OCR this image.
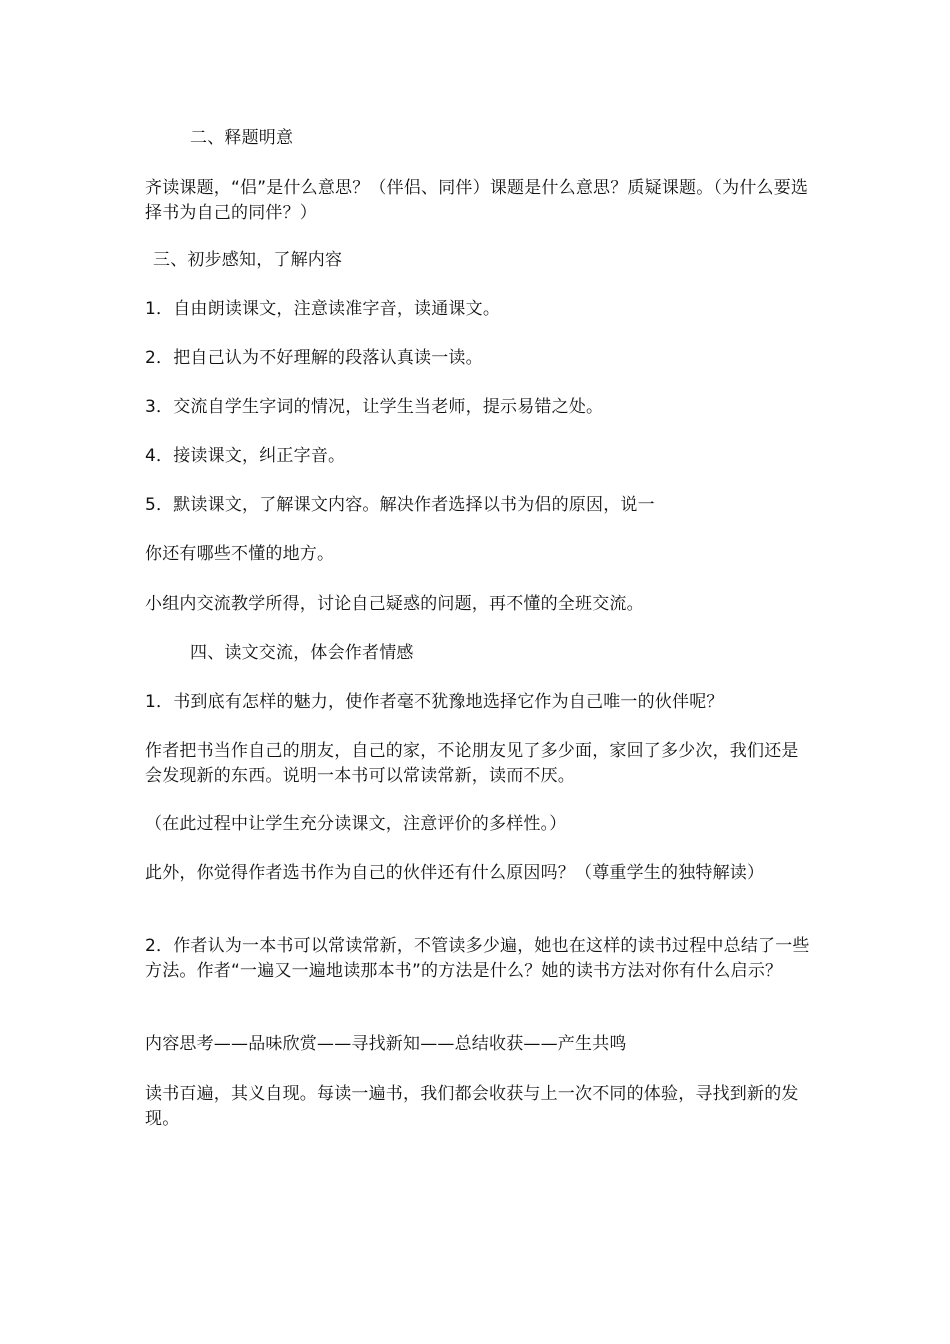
二、释题明意
齐读课题，“侣”是什么意思？（伴侣、同伴）课题是什么意思？质疑课题。（为什么要选择书为自己的同伴？）
三、初步感知，了解内容
1．自由朗读课文，注意读准字音，读通课文。
2．把自己认为不好理解的段落认真读一读。
3．交流自学生字词的情况，让学生当老师，提示易错之处。
4．接读课文，纠正字音。
5．默读课文，了解课文内容。解决作者选择以书为侣的原因，说一
你还有哪些不懂的地方。
小组内交流教学所得，讨论自己疑惑的问题，再不懂的全班交流。
四、读文交流，体会作者情感
1．书到底有怎样的魅力，使作者毫不犹豫地选择它作为自己唯一的伙伴呢？
作者把书当作自己的朋友，自己的家，不论朋友见了多少面，家回了多少次，我们还是会发现新的东西。说明一本书可以常读常新，读而不厌。
（在此过程中让学生充分读课文，注意评价的多样性。）
此外，你觉得作者选书作为自己的伙伴还有什么原因吗？（尊重学生的独特解读）
2．作者认为一本书可以常读常新，不管读多少遍，她也在这样的读书过程中总结了一些方法。作者“一遍又一遍地读那本书”的方法是什么？她的读书方法对你有什么启示？
内容思考——品味欣赏——寻找新知——总结收获——产生共鸣
读书百遍，其义自现。每读一遍书，我们都会收获与上一次不同的体验，寻找到新的发现。
